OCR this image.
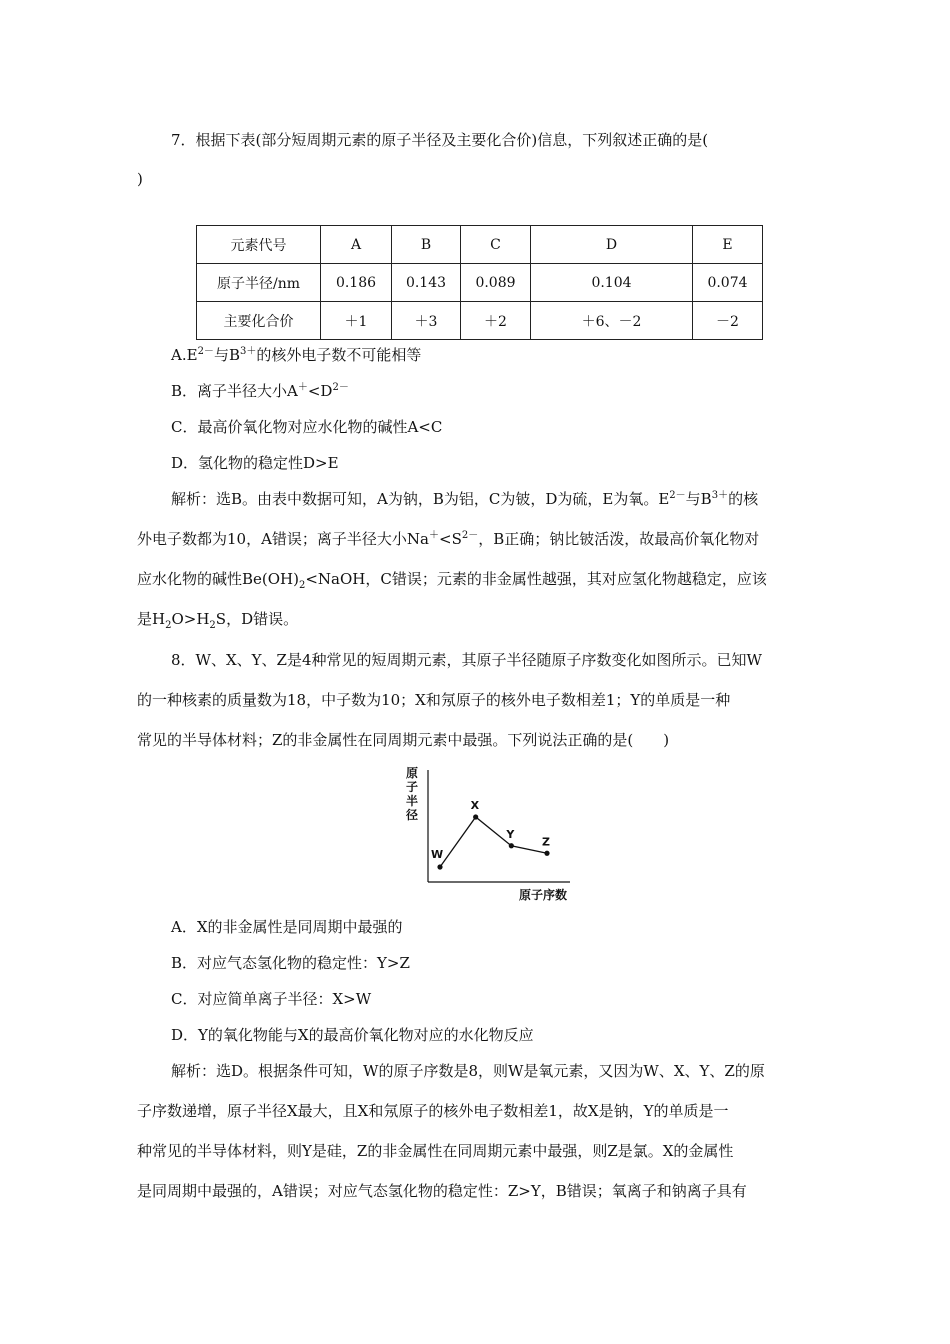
7．根据下表(部分短周期元素的原子半径及主要化合价)信息，下列叙述正确的是(
)
元素代号	A	B	C	D	E
原子半径/nm	0.186	0.143	0.089	0.104	0.074
主要化合价	＋1	＋3	＋2	＋6、－2	－2
$A.E^{2-}$与$B^{3+}$的核外电子数不可能相等
B．离子半径大小$A^+<D^{2-}$
C．最高价氧化物对应水化物的碱性A<C
D．氢化物的稳定性D>E
解析：选B。由表中数据可知，A为钠，B为铝，C为铍，D为硫，E为氧。$E^{2-}$与$B^{3+}$的核
外电子数都为10，A错误；离子半径大小$Na^+<S^{2-}$，B正确；钠比铍活泼，故最高价氧化物对
应水化物的碱性$Be(OH)_2<NaOH$，C错误；元素的非金属性越强，其对应氢化物越稳定，应该
是$H_2O>H_2S$，D错误。
8．W、X、Y、Z是4种常见的短周期元素，其原子半径随原子序数变化如图所示。已知W
的一种核素的质量数为18，中子数为10；X和氖原子的核外电子数相差1；Y的单质是一种
常见的半导体材料；Z的非金属性在同周期元素中最强。下列说法正确的是(　　)
原
子
半
径
原子序数
W
X
Y
Z
A．X的非金属性是同周期中最强的
B．对应气态氢化物的稳定性：Y>Z
C．对应简单离子半径：X>W
D．Y的氧化物能与X的最高价氧化物对应的水化物反应
解析：选D。根据条件可知，W的原子序数是8，则W是氧元素，又因为W、X、Y、Z的原
子序数递增，原子半径X最大，且X和氖原子的核外电子数相差1，故X是钠，Y的单质是一
种常见的半导体材料，则Y是硅，Z的非金属性在同周期元素中最强，则Z是氯。X的金属性
是同周期中最强的，A错误；对应气态氢化物的稳定性：Z>Y，B错误；氧离子和钠离子具有
